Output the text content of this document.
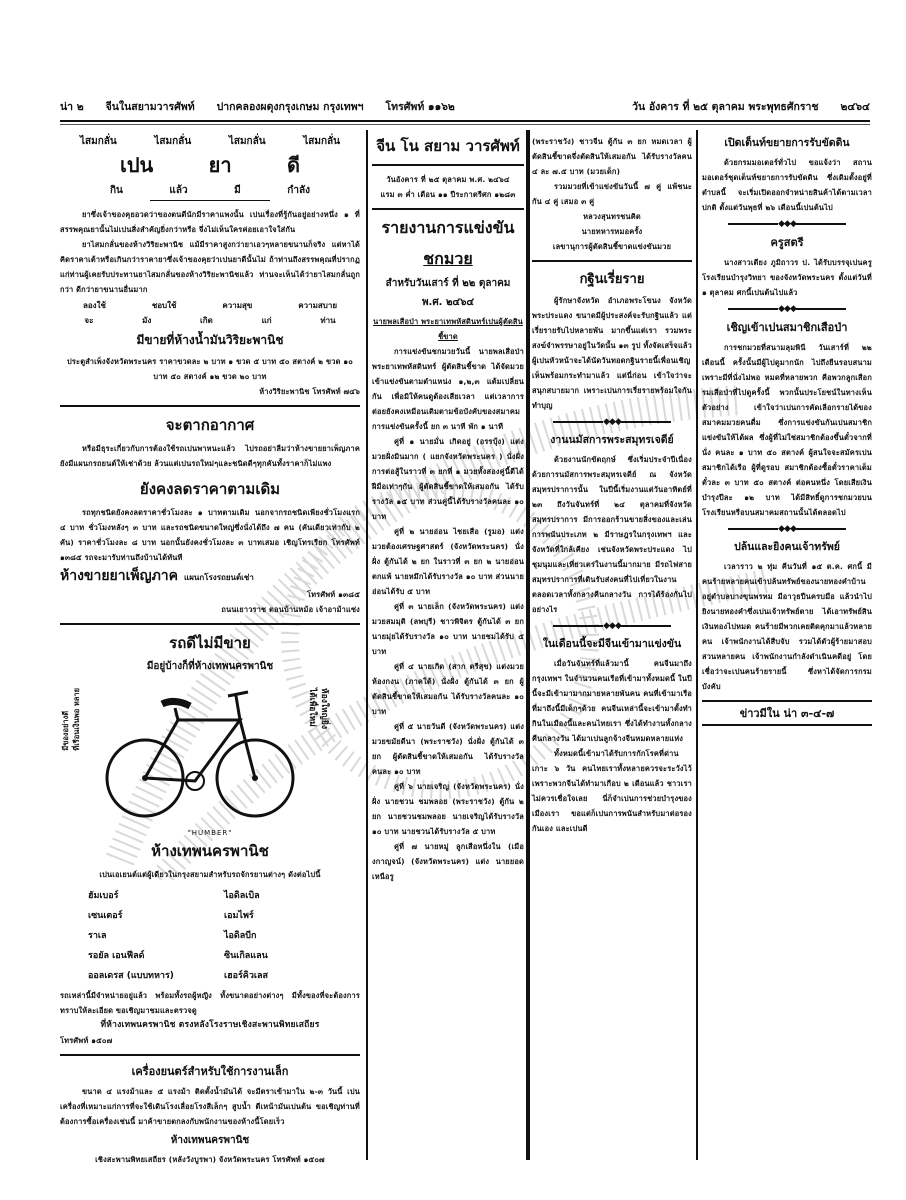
น่า ๒ จีนในสยามวารศัพท์ ปากคลองผดุงกรุงเกษม กรุงเทพฯ โทรศัพท์ ๑๑๖๒	วัน อังคาร ที่ ๒๕ ตุลาคม พระพุทธศักราช ๒๔๖๔
ไสมกลั่น	ไสมกลั่น	ไสมกลั่น	ไสมกลั่น
เปน	ยา	ดี
กิน	แล้ว	มี	กำลัง
ยาซึ่งเจ้าของคุยอวดว่าของตนดีนักมีราคาแพงนั้น เปนเรื่องที่รู้กันอยู่อย่างหนึ่ง ๑ ที่สรรพคุณยานั้นไม่เปนสิ่งสำคัญยิ่งกว่าหรือ จึ่งไม่เห็นใครค่อยเอาใจใส่กัน
ยาไสมกลั่นของห้างวิริยะพานิช แม้มีราคาสูงกว่ายาเอวๆหลายขนานก็จริง แต่หาได้คิดราคาเต้าหรือเกินกว่าราคายาซึ่งเจ้าของคุยว่าเปนยาดีนั้นไม่ ถ้าท่านถึงสรรพคุณที่ปรากฏแก่ท่านผู้เคยรับประทานยาไสมกลั่นของห้างวิริยะพานิชแล้ว ท่านจะเห็นได้ว่ายาไสมกลั่นถูกกว่า ดีกว่ายาขนานอื่นมาก
ลองใช้	ชอบใช้	ความสุข	ความสบาย
จะ	มัง	เกิด	แก่	ท่าน
มีขายที่ห้างน้ำมันวิริยะพานิช
ประตูสำเพ็งจังหวัดพระนคร ราคาขวดละ ๒ บาท ๑ ขวด ๕ บาท ๕๐ สตางค์ ๒ ขวด ๑๐ บาท ๕๐ สตางค์ ๑๒ ขวด ๒๐ บาท
ห้างวิริยะพานิช โทรศัพท์ ๗๔๖
จะตากอากาศ
หรือมีธุระเกี่ยวกับการต้องใช้รถเปนพาหนะแล้ว ไปรถอย่าลืมว่าห้างขายยาเพ็ญภาคยังมีแผนกรถยนต์ให้เช่าด้วย ล้วนแต่เปนรถใหม่ๆและชนิดดีๆทุกคันทั้งราคาก็ไม่แพง
ยังคงลดราคาตามเดิม
รถทุกชนิดยังคงลดราคาชั่วโมงละ ๑ บาทตามเดิม นอกจากรถชนิดเพียงชั่วโมงแรก ๔ บาท ชั่วโมงหลังๆ ๓ บาท และรถชนิดขนาดใหญ่ซึ่งนั่งได้ถึง ๗ คน (คันเดียวเท่ากับ ๒ คัน) ราคาชั่วโมงละ ๘ บาท นอกนั้นยังคงชั่วโมงละ ๓ บาทเสมอ เชิญโทรเรียก โทรศัพท์ ๑๓๘๕ รถจะมารับท่านถึงบ้านได้ทันที
ห้างขายยาเพ็ญภาค แผนกโรงรถยนต์เช่า
โทรศัพท์ ๑๓๘๕
ถนนเยาวราช ตอนบ้านหม้อ เจ้าอาม้าแซ่ง
รถดีไม่มีขาย
มีอยู่บ้างก็ที่ห้างเทพนครพานิช
มีของอย่างดี ที่เรือนเงินพอ หลาย	ห้องใหญ่ยิ่ง
ได้เพื่อใหม่
"HUMBER"
ห้างเทพนครพานิช
เปนเอเยนต์แต่ผู้เดียวในกรุงสยามสำหรับรถจักรยานต่างๆ ดังต่อไปนี้
ฮัมเบอร์	ไอดิลเบิล
เซนเตอร์	เอมไพร์
ราเล	ไอดิลบีก
รอยัล เอนฟีลด์	ซินเกิลแลน
ออลเดรส (แบบทหาร)	เฮอร์คิวเลส
รถเหล่านี้มีจำหน่ายอยู่แล้ว พร้อมทั้งรถผู้หญิง ทั้งขนาดอย่างต่างๆ มีทั้งของที่จะต้องการทราบให้ละเอียด ขอเชิญมาชมและตรวจดู
ที่ห้างเทพนครพานิช ตรงหลังโรงราษเชิงสะพานพิทยเสถียร
โทรศัพท์ ๑๕๐๗
เครื่องยนตร์สำหรับใช้การงานเล็ก
ขนาด ๔ แรงม้าและ ๕ แรงม้า ติดตั้งน้ำมันได้ จะมีตราเข้ามาใน ๒-๓ วันนี้ เปนเครื่องที่เหมาะแก่การที่จะใช้เดินโรงเลื่อยโรงสีเล็กๆ สูบน้ำ ตีเหน้ามันเปนต้น ขอเชิญท่านที่ต้องการซื้อเครื่องเช่นนี้ มาค้าขายตกลงกับพนักงานของห้างนี้โดยเร็ว
ห้างเทพนครพานิช
เชิงสะพานพิทยเสถียร (หลังวังบูรพา) จังหวัดพระนคร โทรศัพท์ ๑๕๐๗
จีน โน สยาม วารศัพท์
วันอังคาร ที่ ๒๕ ตุลาคม พ.ศ. ๒๔๖๔
แรม ๓ ค่ำ เดือน ๑๑ ปีระกาตรีศก ๑๒๘๓
รายงานการแข่งขัน
ชกมวย
สำหรับวันเสาร์ ที่ ๒๒ ตุลาคม
พ.ศ. ๒๔๖๔
นายพลเสือป่า พระยาเทพหัสดินทร์เปนผู้ตัดสินชี้ขาด
การแข่งขันชกมวยวันนี้ นายพลเสือป่า พระยาเทพหัสดินทร์ ผู้ตัดสินชี้ขาด ได้จัดมวยเข้าแข่งขันตามตำแหน่ง ๑,๒,๓ แต้มเปลี่ยนกัน เพื่อมิให้คนดูต้องเสียเวลา แต่เวลาการต่อยยังคงเหมือนเดิมตามข้อบังคับของสมาคมการแข่งขันครั้งนี้ ยก ๓ นาที พัก ๑ นาที
คู่ที่ ๑ นายมั่น เกิดอยู่ (อรรบุ้ง) แต่งมวยฝั่งมินมาก ( แยกจังหวัดพระนคร ) นั่งฝั่ง การต่อสู้ในราวที่ ๓ ยกที่ ๑ มวยทั้งสองคู่นี้ตีได้ฝีมือเท่าๆกัน ผู้ตัดสินชี้ขาดให้เสมอกัน ได้รับรางวัล ๑๕ บาท ส่วนคู่นี้ได้รับรางวัลคนละ ๑๐ บาท
คู่ที่ ๒ นายอ่อน ไชยเสือ (รูมอ) แต่งมวยต้องเศรษฐศาสตร์ (จังหวัดพระนคร) นั่งฝั่ง ตู้กันได้ ๒ ยก ในราวที่ ๓ ยก ๒ นายอ่อนตกแพ้ นายหมึกได้รับรางวัล ๑๐ บาท ส่วนนายอ่อนได้รับ ๕ บาท
คู่ที่ ๓ นายเล็ก (จังหวัดพระนคร) แต่งมวยสมมุติ (ลพบุรี) ชาวพิจิตร ตู้กันได้ ๓ ยก นายมุ่ยได้รับรางวัล ๑๐ บาท นายชมได้รับ ๕ บาท
คู่ที่ ๔ นายเกิด (สาก ตรีสุข) แต่งมวยห้องกงน (ภาคใต้) นั่งฝั่ง ตู้กันได้ ๓ ยก ผู้ตัดสินชี้ขาดให้เสมอกัน ได้รับรางวัลคนละ ๑๐ บาท
คู่ที่ ๕ นายวันดี (จังหวัดพระนคร) แต่งมวยขมัยดีนา (พระราชวัง) นั่งฝั่ง ตู้กันได้ ๓ ยก ผู้ตัดสินชี้ขาดให้เสมอกัน ได้รับรางวัลคนละ ๑๐ บาท
คู่ที่ ๖ นายเจริญ (จังหวัดพระนคร) นั่งฝั่ง นายชวน ชมพลอย (พระราชวัง) ตู้กัน ๒ ยก นายชวนชมพลอย นายเจริญได้รับรางวัล ๑๐ บาท นายชวนได้รับรางวัล ๕ บาท
คู่ที่ ๗ นายหมู่ ลูกเสือหนึ่งใน (เมืองกาญจน์) (จังหวัดพระนคร) แต่ง นายยอด เหนือรู
(พระราชวัง) ชาวจีน ตู้กัน ๓ ยก หมดเวลา ผู้ตัดสินชี้ขาดจึ่งตัดสินให้เสมอกัน ได้รับรางวัลคน ๔ ละ ๗.๕ บาท (มวยเด็ก)
รวมมวยที่เข้าแข่งขันวันนี้ ๗ คู่ แพ้ชนะกัน ๔ คู่ เสมอ ๓ คู่
หลวงสุนทรชนคิด
นายทหารหมอครั้ง
เลขานุการผู้ตัดสินชี้ขาดแข่งขันมวย
กฐินเรี่ยราย
ผู้รักษาจังหวัด อำเภอพระโขนง จังหวัดพระประแดง ขนาดมีผู้ประสงค์จะรับกฐินแล้ว แต่เรี่ยรายรับไปหลายพัน มากขึ้นแต่เรา รวมพระสงฆ์จำพรรษาอยู่ในวัดนั้น ๑๓ รูป ทั้งจัดเสร็จแล้ว ผู้เปนหัวหน้าจะได้นัดวันทอดกฐินรายนี้เพื่อนเชิญเห็นพร้อมกระทำมาแล้ว แต่นี่ก่อน เข้าใจว่าจะสนุกสบายมาก เพราะเปนการเรี่ยรายพร้อมใจกันทำบุญ
◆◆◆
งานนมัสการพระสมุทรเจดีย์
ด้วยงานนักขัตฤกษ์ ซึ่งเริ่มประจำปีเนื่องด้วยการนมัสการพระสมุทรเจดีย์ ณ จังหวัดสมุทรปราการนั้น ในปีนี้เริ่มงานแต่วันอาทิตย์ที่ ๒๓ ถึงวันจันทร์ที่ ๒๔ ตุลาคมที่จังหวัดสมุทรปราการ มีการออกร้านขายสิ่งของและเล่นการพนันประเภท ๒ มีราษฎรในกรุงเทพฯ และจังหวัดที่ใกล้เคียง เช่นจังหวัดพระประแดง ไปชุมนุมและเที่ยวเตร่ในงานนี้มากมาย มีรถไฟสายสมุทรปราการที่เดินรับส่งคนที่ไปเที่ยวในงานตลอดเวลาทั้งกลางคืนกลางวัน การได้ร้องกันไปอย่างไร
◆◆◆
ในเดือนนี้จะมีจีนเข้ามาแข่งขัน
เมื่อวันจันทร์ที่แล้วมานี้ คนจีนมาถึงกรุงเทพฯ ในจำนวนคนเรือที่เข้ามาทั้งหมดนี้ ในปีนี้จะมีเข้ามามากมายหลายพันคน คนที่เข้ามาเรือที่มาถึงนี้มีเด็กๆด้วย คนจีนเหล่านี้จะเข้ามาตั้งทำกินในเมืองนี้และคนไทยเรา ซึ่งได้ทำงานทั้งกลางคืนกลางวัน ได้มาเปนลูกจ้างจีนหมดหลายแห่ง
ทั้งหมดนี้เข้ามาได้รับการกักโรคที่ด่านเกาะ ๖ วัน คนไทยเราทั้งหลายควรจะระวังไว้ เพราะพวกจีนได้ทำมาเกือบ ๒ เดือนแล้ว ชาวเราไม่ควรเชื่อใจเลย นี่ก็จำเปนการช่วยบำรุงของเมืองเรา ขอแต่ก็เปนการพนันสำหรับมาต่อรองกันเอง และเปนดี
เปิดเต็นท์ขยายการรับขัดดิน
ด้วยกรมมอเตอร์ทั่วไป ขอแจ้งว่า สถานมอเตอร์ชุดเต็นท์ขยายการรับขัดดิน ซึ่งเดิมตั้งอยู่ที่ตำบลนี้ จะเริ่มเปิดออกจำหน่ายสินค้าได้ตามเวลาปกติ ตั้งแต่วันพุธที่ ๒๖ เดือนนี้เปนต้นไป
◆◆◆
ครูสตรี
นางสาวเตียง ภูมิถาวร ป. ได้รับบรรจุเปนครูโรงเรียนบำรุงวิทยา ของจังหวัดพระนคร ตั้งแต่วันที่ ๑ ตุลาคม ศกนี้เปนต้นไปแล้ว
◆◆◆
เชิญเข้าเปนสมาชิกเสือป่า
การชกมวยที่สนามลุมพินี วันเสาร์ที่ ๒๒ เดือนนี้ ครั้งนั้นมีผู้ไปดูมากนัก ไปถึงยืนรอบสนาม เพราะมีที่นั่งไม่พอ หมดที่หลายพวก คือพวกลูกเสือกรมเสือป่าที่ไปดูครั้งนี้ พวกนั้นประโยชน์ในทางเห็นตัวอย่าง เข้าใจว่าเปนการคัดเลือกรายได้ของสมาคมมวยคนดื่ม ซึ่งการแข่งขันกันเปนสมาชิกแข่งขันให้ได้ผล ซึ่งผู้ที่ไม่ใช่สมาชิกต้องขึ้นตั๋วจากที่นั่ง คนละ ๑ บาท ๕๐ สตางค์ ผู้สนใจจะสมัครเปนสมาชิกได้เรือ ผู้ที่ดูรอบ สมาชิกต้องซื้อตั๋วราคาเต็มตั๋วละ ๓ บาท ๕๐ สตางค์ ต่อคนหนึ่ง โดยเสียเงินบำรุงปีละ ๑๒ บาท ได้มีสิทธิ์ดูการชกมวยบนโรงเรียนหรือบนสมาคมสถานนั้นได้ตลอดไป
◆◆◆
ปล้นและยิงคนเจ้าทรัพย์
เวลาราว ๒ ทุ่ม คืนวันที่ ๑๕ ต.ค. ศกนี้ มีคนร้ายหลายคนเข้าปล้นทรัพย์ของนายทองคำบ้านอยู่ตำบลบางขุนพรหม มีอาวุธปืนครบมือ แล้วนำไปยิงนายทองคำซึ่งเปนเจ้าทรัพย์ตาย ได้เอาทรัพย์สินเงินทองไปหมด คนร้ายมีพวกเคยติดคุกมาแล้วหลายคน เจ้าพนักงานได้สืบจับ รวมได้ตัวผู้ร้ายมาสอบสวนหลายคน เจ้าพนักงานกำลังดำเนินคดีอยู่ โดยเชื่อว่าจะเปนคนร้ายรายนี้ ซึ่งหาได้จัดการกรมบังคับ
ข่าวมีใน น่า ๓-๔-๗
